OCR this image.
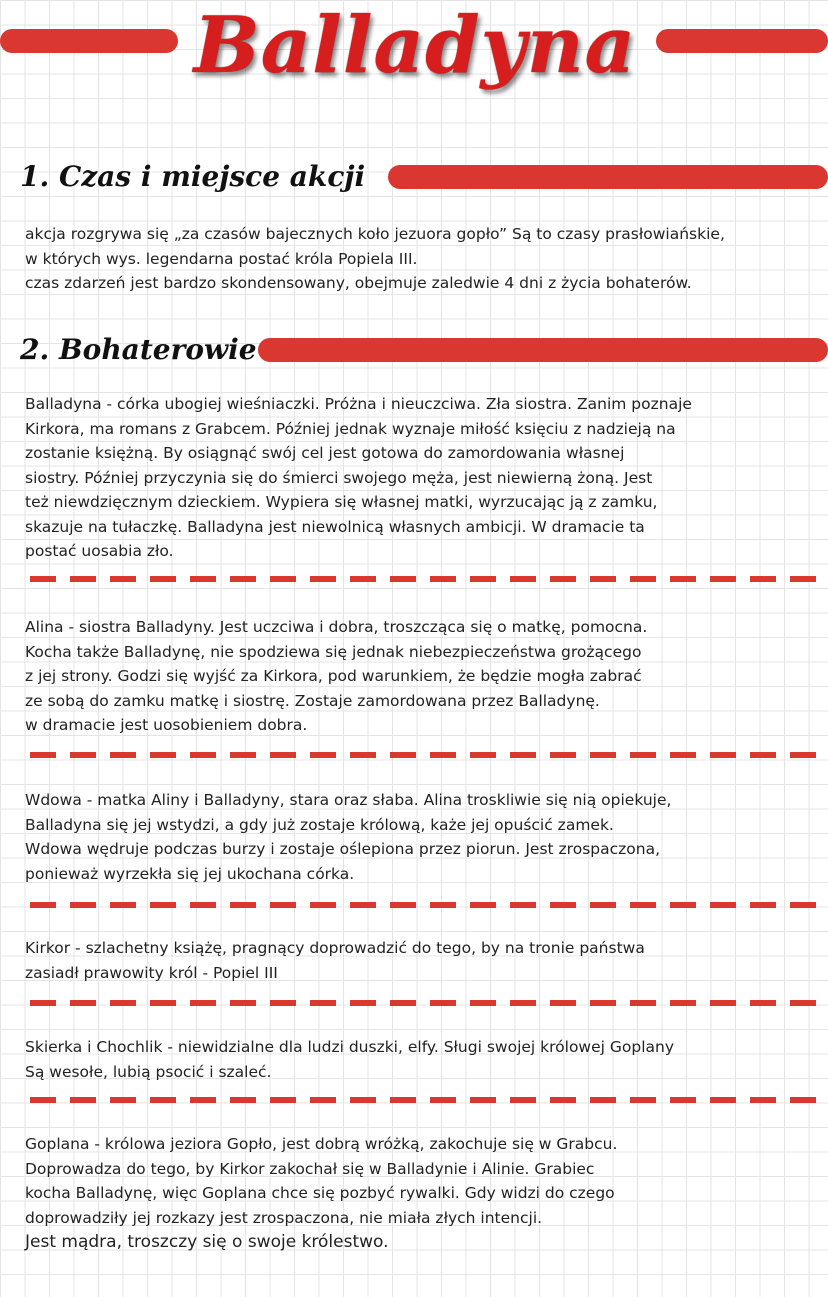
Balladyna
1. Czas i miejsce akcji
akcja rozgrywa się „za czasów bajecznych koło jezuora gopło” Są to czasy prasłowiańskie,
w których wys. legendarna postać króla Popiela III.
czas zdarzeń jest bardzo skondensowany, obejmuje zaledwie 4 dni z życia bohaterów.
2. Bohaterowie
Balladyna - córka ubogiej wieśniaczki. Próżna i nieuczciwa. Zła siostra. Zanim poznaje
Kirkora, ma romans z Grabcem. Później jednak wyznaje miłość księciu z nadzieją na
zostanie księżną. By osiągnąć swój cel jest gotowa do zamordowania własnej
siostry. Później przyczynia się do śmierci swojego męża, jest niewierną żoną. Jest
też niewdzięcznym dzieckiem. Wypiera się własnej matki, wyrzucając ją z zamku,
skazuje na tułaczkę. Balladyna jest niewolnicą własnych ambicji. W dramacie ta
postać uosabia zło.
Alina - siostra Balladyny. Jest uczciwa i dobra, troszcząca się o matkę, pomocna.
Kocha także Balladynę, nie spodziewa się jednak niebezpieczeństwa grożącego
z jej strony. Godzi się wyjść za Kirkora, pod warunkiem, że będzie mogła zabrać
ze sobą do zamku matkę i siostrę. Zostaje zamordowana przez Balladynę.
w dramacie jest uosobieniem dobra.
Wdowa - matka Aliny i Balladyny, stara oraz słaba. Alina troskliwie się nią opiekuje,
Balladyna się jej wstydzi, a gdy już zostaje królową, każe jej opuścić zamek.
Wdowa wędruje podczas burzy i zostaje oślepiona przez piorun. Jest zrospaczona,
ponieważ wyrzekła się jej ukochana córka.
Kirkor - szlachetny książę, pragnący doprowadzić do tego, by na tronie państwa
zasiadł prawowity król - Popiel III
Skierka i Chochlik - niewidzialne dla ludzi duszki, elfy. Sługi swojej królowej Goplany
Są wesołe, lubią psocić i szaleć.
Goplana - królowa jeziora Gopło, jest dobrą wróżką, zakochuje się w Grabcu.
Doprowadza do tego, by Kirkor zakochał się w Balladynie i Alinie. Grabiec
kocha Balladynę, więc Goplana chce się pozbyć rywalki. Gdy widzi do czego
doprowadziły jej rozkazy jest zrospaczona, nie miała złych intencji.
Jest mądra, troszczy się o swoje królestwo.
